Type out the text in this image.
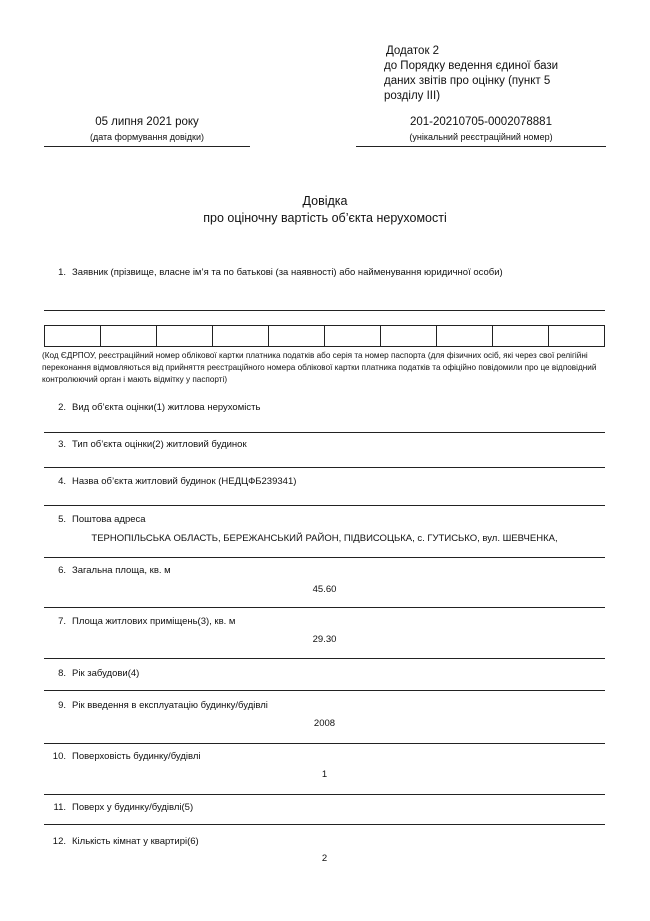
Додаток 2
до Порядку ведення єдиної бази
даних звітів про оцінку (пункт 5
розділу ІІІ)
05 липня 2021 року
(дата формування довідки)
201-20210705-0002078881
(унікальний реєстраційний номер)
Довідка
про оціночну вартість об’єкта нерухомості
1. Заявник (прізвище, власне ім’я та по батькові (за наявності) або найменування юридичної особи)
(Код ЄДРПОУ, реєстраційний номер облікової картки платника податків або серія та номер паспорта (для фізичних осіб, які через свої релігійні переконання відмовляються від прийняття реєстраційного номера облікової картки платника податків та офіційно повідомили про це відповідний контролюючий орган і мають відмітку у паспорті)
2. Вид об’єкта оцінки(1) житлова нерухомість
3. Тип об’єкта оцінки(2) житловий будинок
4. Назва об’єкта житловий будинок (НЕДЦФБ239341)
5. Поштова адреса
ТЕРНОПІЛЬСЬКА ОБЛАСТЬ, БЕРЕЖАНСЬКИЙ РАЙОН, ПІДВИСОЦЬКА, с. ГУТИСЬКО, вул. ШЕВЧЕНКА,
6. Загальна площа, кв. м
45.60
7. Площа житлових приміщень(3), кв. м
29.30
8. Рік забудови(4)
9. Рік введення в експлуатацію будинку/будівлі
2008
10. Поверховість будинку/будівлі
1
11. Поверх у будинку/будівлі(5)
12. Кількість кімнат у квартирі(6)
2
